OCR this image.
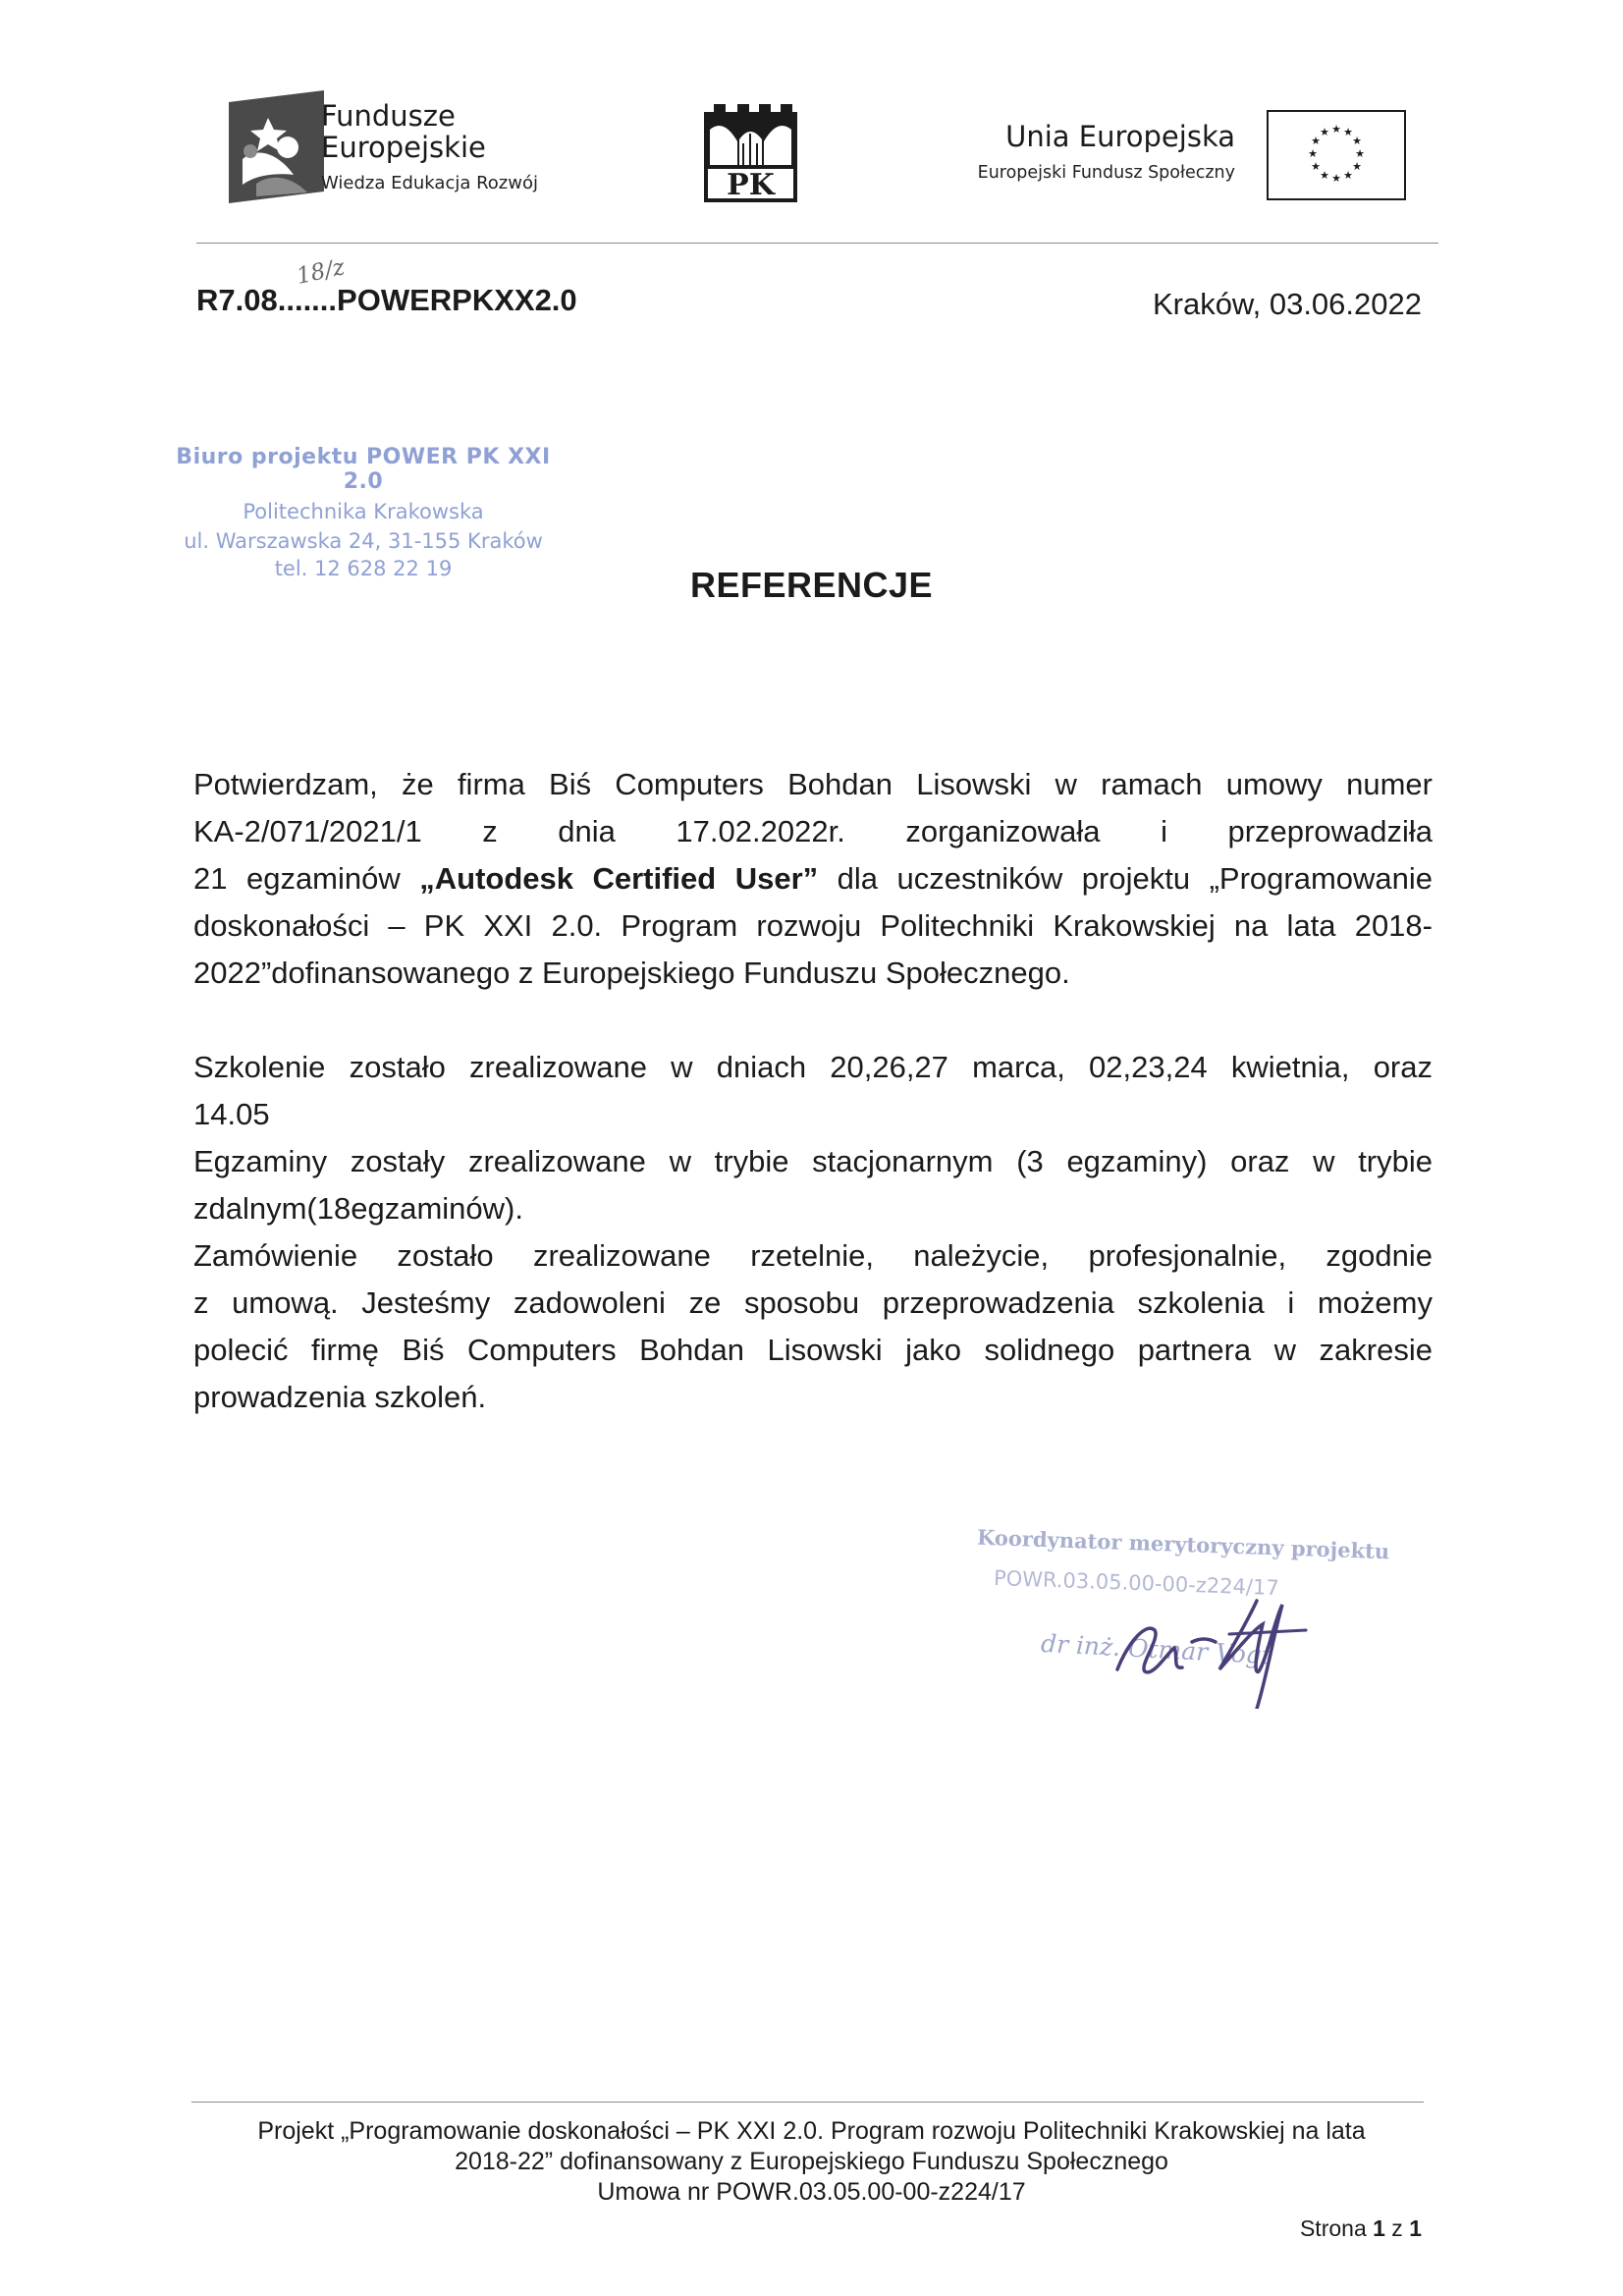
Fundusze
Europejskie
Wiedza Edukacja Rozwój	PK
Unia Europejska
Europejski Fundusz Społeczny
★ ★
★
★
★
★
★
★
★
★
★
★
R7.08.......POWERPKXX2.0
18/z
Kraków, 03.06.2022
Biuro projektu POWER PK XXI 2.0
Politechnika Krakowska
ul. Warszawska 24, 31-155 Kraków
tel. 12 628 22 19	REFERENCJE
Potwierdzam, że firma Biś Computers Bohdan Lisowski w ramach umowy numer
KA-2/071/2021/1 z dnia 17.02.2022r. zorganizowała i przeprowadziła
21 egzaminów „Autodesk Certified User” dla uczestników projektu „Programowanie
doskonałości – PK XXI 2.0. Program rozwoju Politechniki Krakowskiej na lata 2018-
2022”dofinansowanego z Europejskiego Funduszu Społecznego.
Szkolenie zostało zrealizowane w dniach 20,26,27 marca, 02,23,24 kwietnia, oraz
14.05
Egzaminy zostały zrealizowane w trybie stacjonarnym (3 egzaminy) oraz w trybie
zdalnym(18egzaminów).
Zamówienie zostało zrealizowane rzetelnie, należycie, profesjonalnie, zgodnie
z umową. Jesteśmy zadowoleni ze sposobu przeprowadzenia szkolenia i możemy
polecić firmę Biś Computers Bohdan Lisowski jako solidnego partnera w zakresie
prowadzenia szkoleń.
Koordynator merytoryczny projektu
POWR.03.05.00-00-z224/17
dr inż. Otmar Vogt
Projekt „Programowanie doskonałości – PK XXI 2.0. Program rozwoju Politechniki Krakowskiej na lata
2018-22” dofinansowany z Europejskiego Funduszu Społecznego
Umowa nr POWR.03.05.00-00-z224/17
Strona 1 z 1
